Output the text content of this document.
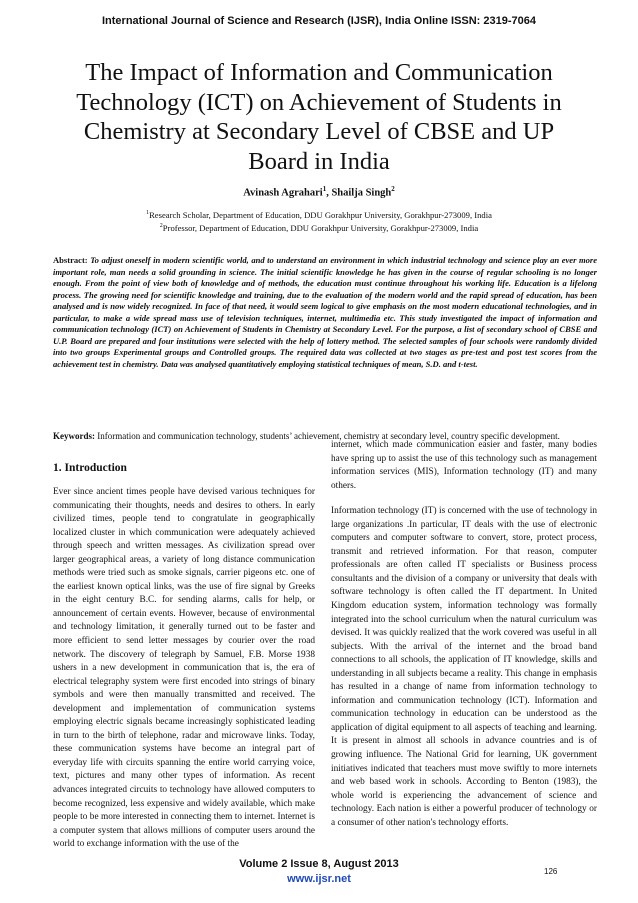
International Journal of Science and Research (IJSR), India Online ISSN: 2319-7064
The Impact of Information and Communication Technology (ICT) on Achievement of Students in Chemistry at Secondary Level of CBSE and UP Board in India
Avinash Agrahari$^1$, Shailja Singh$^2$
$^1$Research Scholar, Department of Education, DDU Gorakhpur University, Gorakhpur-273009, India
$^2$Professor, Department of Education, DDU Gorakhpur University, Gorakhpur-273009, India
Abstract: To adjust oneself in modern scientific world, and to understand an environment in which industrial technology and science play an ever more important role, man needs a solid grounding in science. The initial scientific knowledge he has given in the course of regular schooling is no longer enough. From the point of view both of knowledge and of methods, the education must continue throughout his working life. Education is a lifelong process. The growing need for scientific knowledge and training, due to the evaluation of the modern world and the rapid spread of education, has been analysed and is now widely recognized. In face of that need, it would seem logical to give emphasis on the most modern educational technologies, and in particular, to make a wide spread mass use of television techniques, internet, multimedia etc. This study investigated the impact of information and communication technology (ICT) on Achievement of Students in Chemistry at Secondary Level. For the purpose, a list of secondary school of CBSE and U.P. Board are prepared and four institutions were selected with the help of lottery method. The selected samples of four schools were randomly divided into two groups Experimental groups and Controlled groups. The required data was collected at two stages as pre-test and post test scores from the achievement test in chemistry. Data was analysed quantitatively employing statistical techniques of mean, S.D. and t-test.
Keywords: Information and communication technology, students’ achievement, chemistry at secondary level, country specific development.
1. Introduction

Ever since ancient times people have devised various techniques for communicating their thoughts, needs and desires to others. In early civilized times, people tend to congratulate in geographically localized cluster in which communication were adequately achieved through speech and written messages. As civilization spread over larger geographical areas, a variety of long distance communication methods were tried such as smoke signals, carrier pigeons etc. one of the earliest known optical links, was the use of fire signal by Greeks in the eight century B.C. for sending alarms, calls for help, or announcement of certain events. However, because of environmental and technology limitation, it generally turned out to be faster and more efficient to send letter messages by courier over the road network. The discovery of telegraph by Samuel, F.B. Morse 1938 ushers in a new development in communication that is, the era of electrical telegraphy system were first encoded into strings of binary symbols and were then manually transmitted and received. The development and implementation of communication systems employing electric signals became increasingly sophisticated leading in turn to the birth of telephone, radar and microwave links. Today, these communication systems have become an integral part of everyday life with circuits spanning the entire world carrying voice, text, pictures and many other types of information. As recent advances integrated circuits to technology have allowed computers to become recognized, less expensive and widely available, which make people to be more interested in connecting them to internet. Internet is a computer system that allows millions of computer users around the world to exchange information with the use of the

internet, which made communication easier and faster, many bodies have spring up to assist the use of this technology such as management information services (MIS), Information technology (IT) and many others.

Information technology (IT) is concerned with the use of technology in large organizations .In particular, IT deals with the use of electronic computers and computer software to convert, store, protect process, transmit and retrieved information. For that reason, computer professionals are often called IT specialists or Business process consultants and the division of a company or university that deals with software technology is often called the IT department. In United Kingdom education system, information technology was formally integrated into the school curriculum when the natural curriculum was devised. It was quickly realized that the work covered was useful in all subjects. With the arrival of the internet and the broad band connections to all schools, the application of IT knowledge, skills and understanding in all subjects became a reality. This change in emphasis has resulted in a change of name from information technology to information and communication technology (ICT). Information and communication technology in education can be understood as the application of digital equipment to all aspects of teaching and learning. It is present in almost all schools in advance countries and is of growing influence. The National Grid for learning, UK government initiatives indicated that teachers must move swiftly to more internets and web based work in schools. According to Benton (1983), the whole world is experiencing the advancement of science and technology. Each nation is either a powerful producer of technology or a consumer of other nation's technology efforts.

Volume 2 Issue 8, August 2013
www.ijsr.net
126
